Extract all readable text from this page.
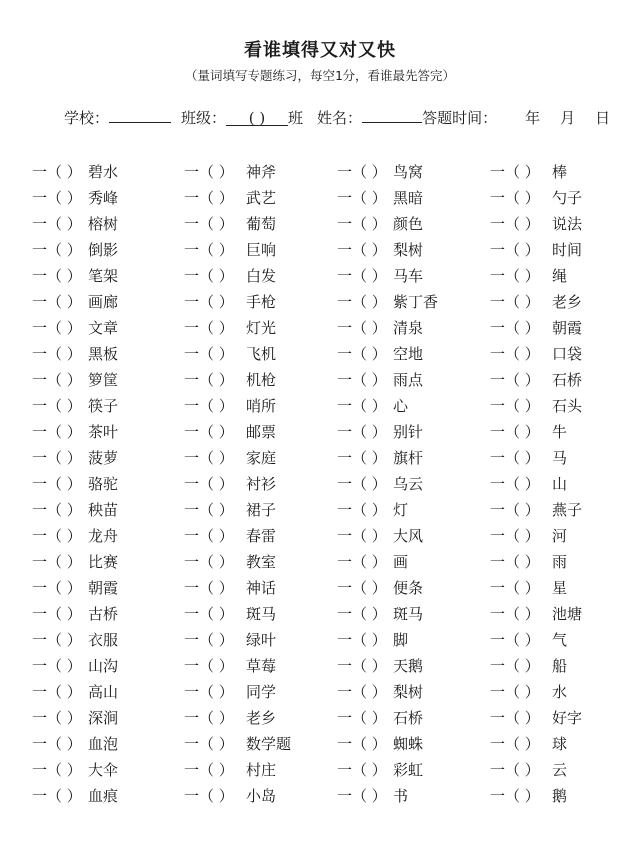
看谁填得又对又快
（量词填写专题练习，每空1分，看谁最先答完）
学校：	班级：	( )	班 姓名：	答题时间： 年 月 日
一（ ） 碧水	一（ ） 神斧	一（ ） 鸟窝	一（ ） 棒
一（ ） 秀峰	一（ ） 武艺	一（ ） 黑暗	一（ ） 勺子
一（ ） 榕树	一（ ） 葡萄	一（ ） 颜色	一（ ） 说法
一（ ） 倒影	一（ ） 巨响	一（ ） 梨树	一（ ） 时间
一（ ） 笔架	一（ ） 白发	一（ ） 马车	一（ ） 绳
一（ ） 画廊	一（ ） 手枪	一（ ） 紫丁香	一（ ） 老乡
一（ ） 文章	一（ ） 灯光	一（ ） 清泉	一（ ） 朝霞
一（ ） 黑板	一（ ） 飞机	一（ ） 空地	一（ ） 口袋
一（ ） 箩筐	一（ ） 机枪	一（ ） 雨点	一（ ） 石桥
一（ ） 筷子	一（ ） 哨所	一（ ） 心	一（ ） 石头
一（ ） 茶叶	一（ ） 邮票	一（ ） 别针	一（ ） 牛
一（ ） 菠萝	一（ ） 家庭	一（ ） 旗杆	一（ ） 马
一（ ） 骆驼	一（ ） 衬衫	一（ ） 乌云	一（ ） 山
一（ ） 秧苗	一（ ） 裙子	一（ ） 灯	一（ ） 燕子
一（ ） 龙舟	一（ ） 春雷	一（ ） 大风	一（ ） 河
一（ ） 比赛	一（ ） 教室	一（ ） 画	一（ ） 雨
一（ ） 朝霞	一（ ） 神话	一（ ） 便条	一（ ） 星
一（ ） 古桥	一（ ） 斑马	一（ ） 斑马	一（ ） 池塘
一（ ） 衣服	一（ ） 绿叶	一（ ） 脚	一（ ） 气
一（ ） 山沟	一（ ） 草莓	一（ ） 天鹅	一（ ） 船
一（ ） 高山	一（ ） 同学	一（ ） 梨树	一（ ） 水
一（ ） 深涧	一（ ） 老乡	一（ ） 石桥	一（ ） 好字
一（ ） 血泡	一（ ） 数学题	一（ ） 蜘蛛	一（ ） 球
一（ ） 大伞	一（ ） 村庄	一（ ） 彩虹	一（ ） 云
一（ ） 血痕	一（ ） 小岛	一（ ） 书	一（ ） 鹅
